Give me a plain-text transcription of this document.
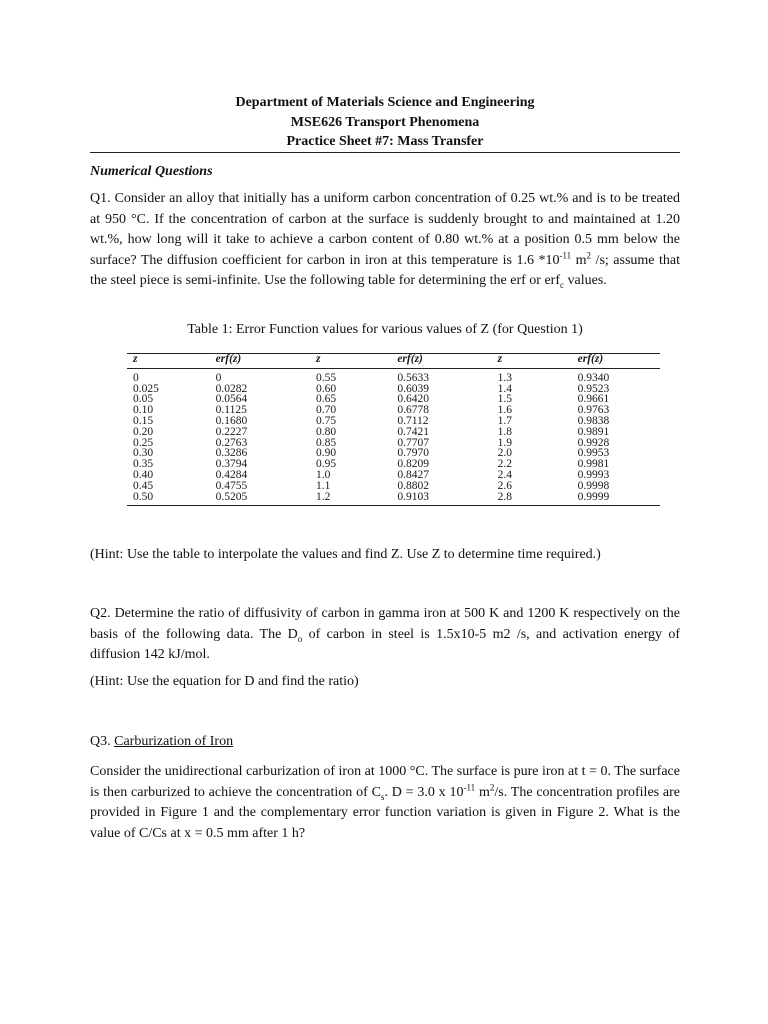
Department of Materials Science and Engineering
MSE626 Transport Phenomena
Practice Sheet #7: Mass Transfer
Numerical Questions
Q1. Consider an alloy that initially has a uniform carbon concentration of 0.25 wt.% and is to be treated at 950 °C. If the concentration of carbon at the surface is suddenly brought to and maintained at 1.20 wt.%, how long will it take to achieve a carbon content of 0.80 wt.% at a position 0.5 mm below the surface? The diffusion coefficient for carbon in iron at this temperature is 1.6 $*10^{-11}$ $m^2$ /s; assume that the steel piece is semi-infinite. Use the following table for determining the erf or erf$_c$ values.
Table 1: Error Function values for various values of Z (for Question 1)
z	erf(z)	z	erf(z)	z	erf(z)
0	0	0.55	0.5633	1.3	0.9340
0.025	0.0282	0.60	0.6039	1.4	0.9523
0.05	0.0564	0.65	0.6420	1.5	0.9661
0.10	0.1125	0.70	0.6778	1.6	0.9763
0.15	0.1680	0.75	0.7112	1.7	0.9838
0.20	0.2227	0.80	0.7421	1.8	0.9891
0.25	0.2763	0.85	0.7707	1.9	0.9928
0.30	0.3286	0.90	0.7970	2.0	0.9953
0.35	0.3794	0.95	0.8209	2.2	0.9981
0.40	0.4284	1.0	0.8427	2.4	0.9993
0.45	0.4755	1.1	0.8802	2.6	0.9998
0.50	0.5205	1.2	0.9103	2.8	0.9999
(Hint: Use the table to interpolate the values and find Z. Use Z to determine time required.)
Q2. Determine the ratio of diffusivity of carbon in gamma iron at 500 K and 1200 K respectively on the basis of the following data. The $D_o$ of carbon in steel is 1.5x10-5 m2 /s, and activation energy of diffusion 142 kJ/mol.
(Hint: Use the equation for D and find the ratio)
Q3. Carburization of Iron
Consider the unidirectional carburization of iron at 1000 °C. The surface is pure iron at t = 0. The surface is then carburized to achieve the concentration of $C_s$. D = 3.0 x $10^{-11}$ $m^2/s$. The concentration profiles are provided in Figure 1 and the complementary error function variation is given in Figure 2. What is the value of C/Cs at x = 0.5 mm after 1 h?
